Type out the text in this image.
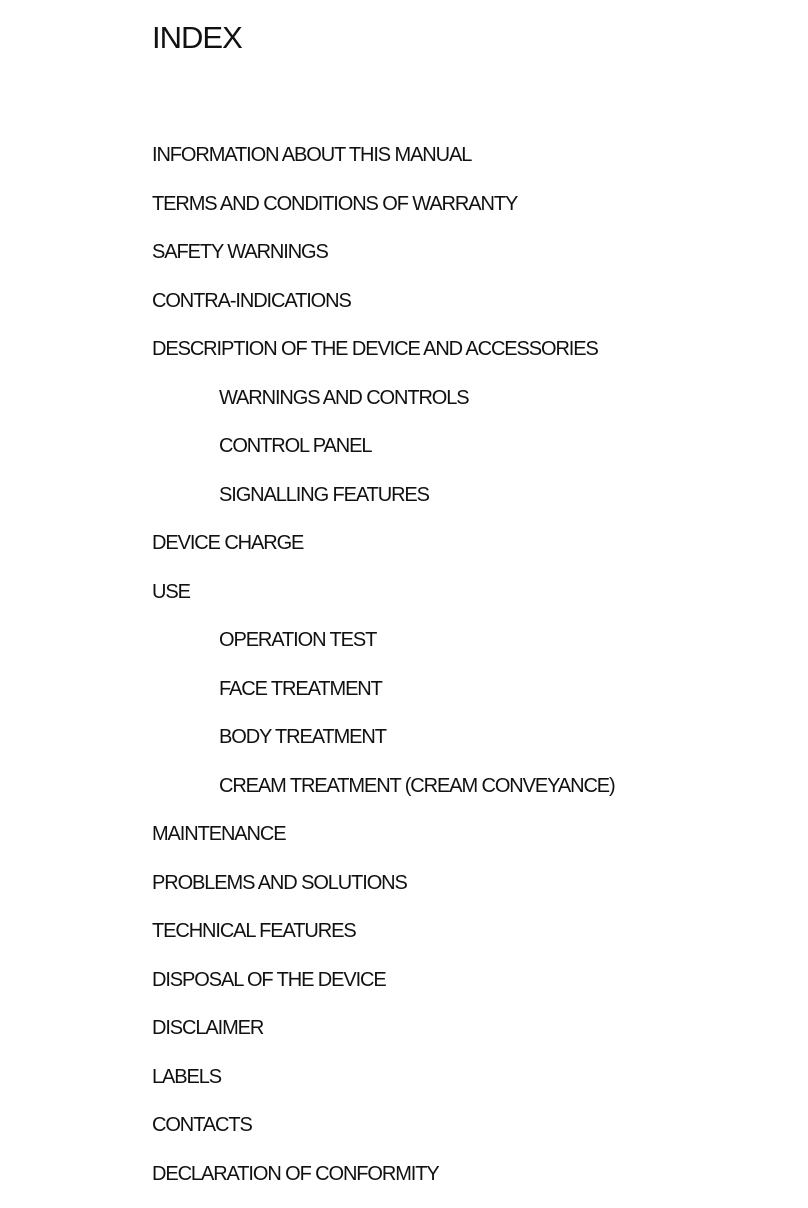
INDEX
INFORMATION ABOUT THIS MANUAL
TERMS AND CONDITIONS OF WARRANTY
SAFETY WARNINGS
CONTRA-INDICATIONS
DESCRIPTION OF THE DEVICE AND ACCESSORIES
WARNINGS AND CONTROLS
CONTROL PANEL
SIGNALLING FEATURES
DEVICE CHARGE
USE
OPERATION TEST
FACE TREATMENT
BODY TREATMENT
CREAM TREATMENT (CREAM CONVEYANCE)
MAINTENANCE
PROBLEMS AND SOLUTIONS
TECHNICAL FEATURES
DISPOSAL OF THE DEVICE
DISCLAIMER
LABELS
CONTACTS
DECLARATION OF CONFORMITY
